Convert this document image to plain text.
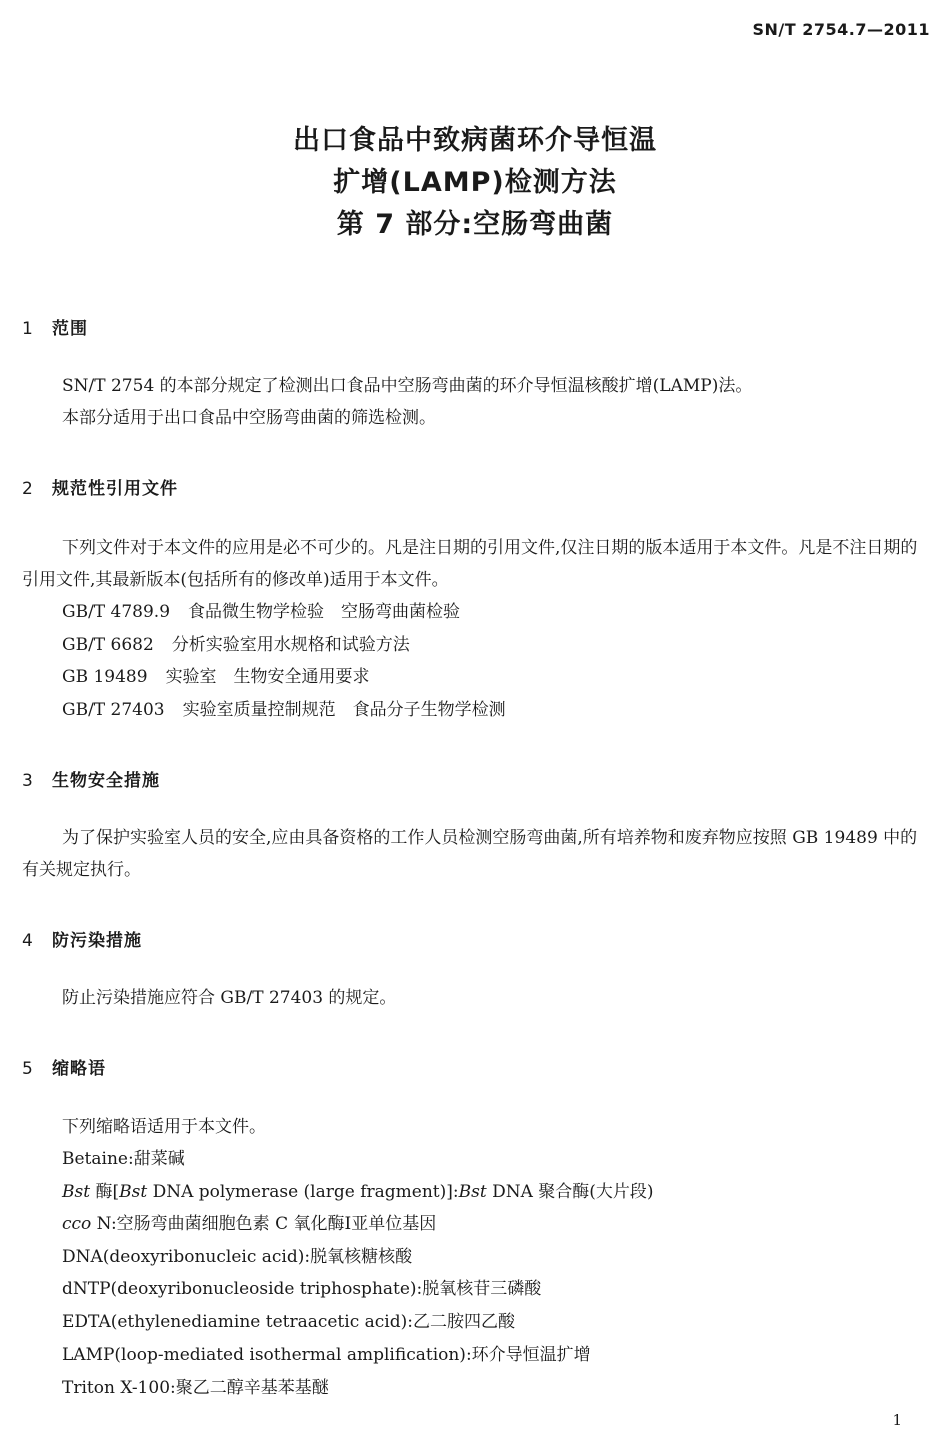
SN/T 2754.7—2011
出口食品中致病菌环介导恒温
扩增(LAMP)检测方法
第 7 部分:空肠弯曲菌
1 范围
SN/T 2754 的本部分规定了检测出口食品中空肠弯曲菌的环介导恒温核酸扩增(LAMP)法。
本部分适用于出口食品中空肠弯曲菌的筛选检测。
2 规范性引用文件
下列文件对于本文件的应用是必不可少的。凡是注日期的引用文件,仅注日期的版本适用于本文件。凡是不注日期的引用文件,其最新版本(包括所有的修改单)适用于本文件。
GB/T 4789.9 食品微生物学检验　空肠弯曲菌检验
GB/T 6682 分析实验室用水规格和试验方法
GB 19489 实验室　生物安全通用要求
GB/T 27403 实验室质量控制规范　食品分子生物学检测
3 生物安全措施
为了保护实验室人员的安全,应由具备资格的工作人员检测空肠弯曲菌,所有培养物和废弃物应按照 GB 19489 中的有关规定执行。
4 防污染措施
防止污染措施应符合 GB/T 27403 的规定。
5 缩略语
下列缩略语适用于本文件。
Betaine:甜菜碱
Bst 酶[Bst DNA polymerase (large fragment)]:Bst DNA 聚合酶(大片段)
cco N:空肠弯曲菌细胞色素 C 氧化酶Ⅰ亚单位基因
DNA(deoxyribonucleic acid):脱氧核糖核酸
dNTP(deoxyribonucleoside triphosphate):脱氧核苷三磷酸
EDTA(ethylenediamine tetraacetic acid):乙二胺四乙酸
LAMP(loop-mediated isothermal amplification):环介导恒温扩增
Triton X-100:聚乙二醇辛基苯基醚
1
